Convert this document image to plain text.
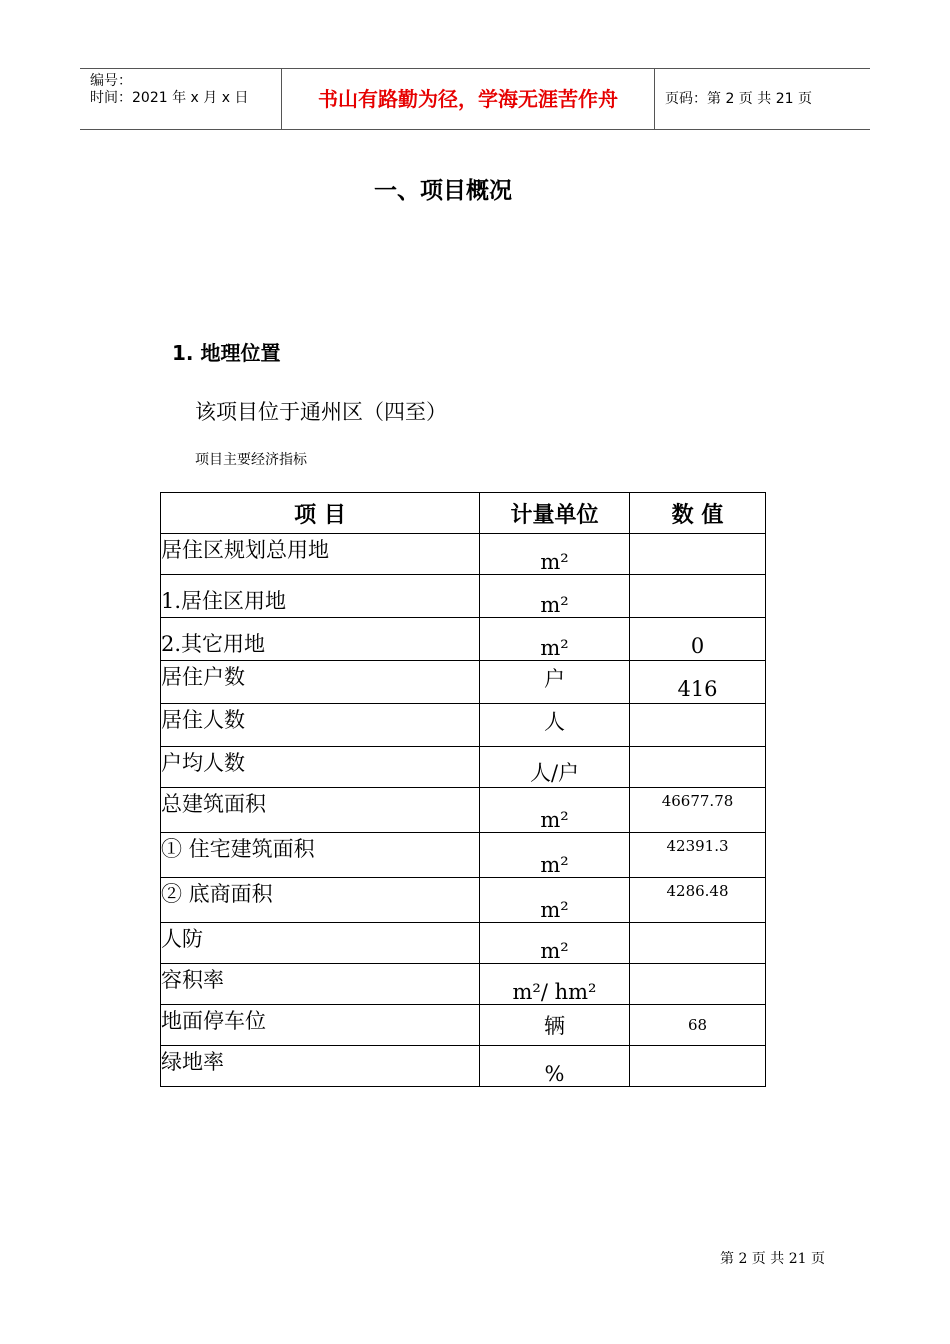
编号：
时间：2021 年 x 月 x 日	书山有路勤为径，学海无涯苦作舟	页码：第 2 页 共 21 页
一、项目概况
1. 地理位置
该项目位于通州区（四至）
项目主要经济指标
项 目	计量单位	数 值
居住区规划总用地	m²	
1.居住区用地	m²	
2.其它用地	m²	0
居住户数	户	416
居住人数	人	
户均人数	人/户	
总建筑面积	m²	46677.78
① 住宅建筑面积	m²	42391.3
② 底商面积	m²	4286.48
人防	m²	
容积率	m²/ hm²	
地面停车位	辆	68
绿地率	%	
第 2 页 共 21 页
